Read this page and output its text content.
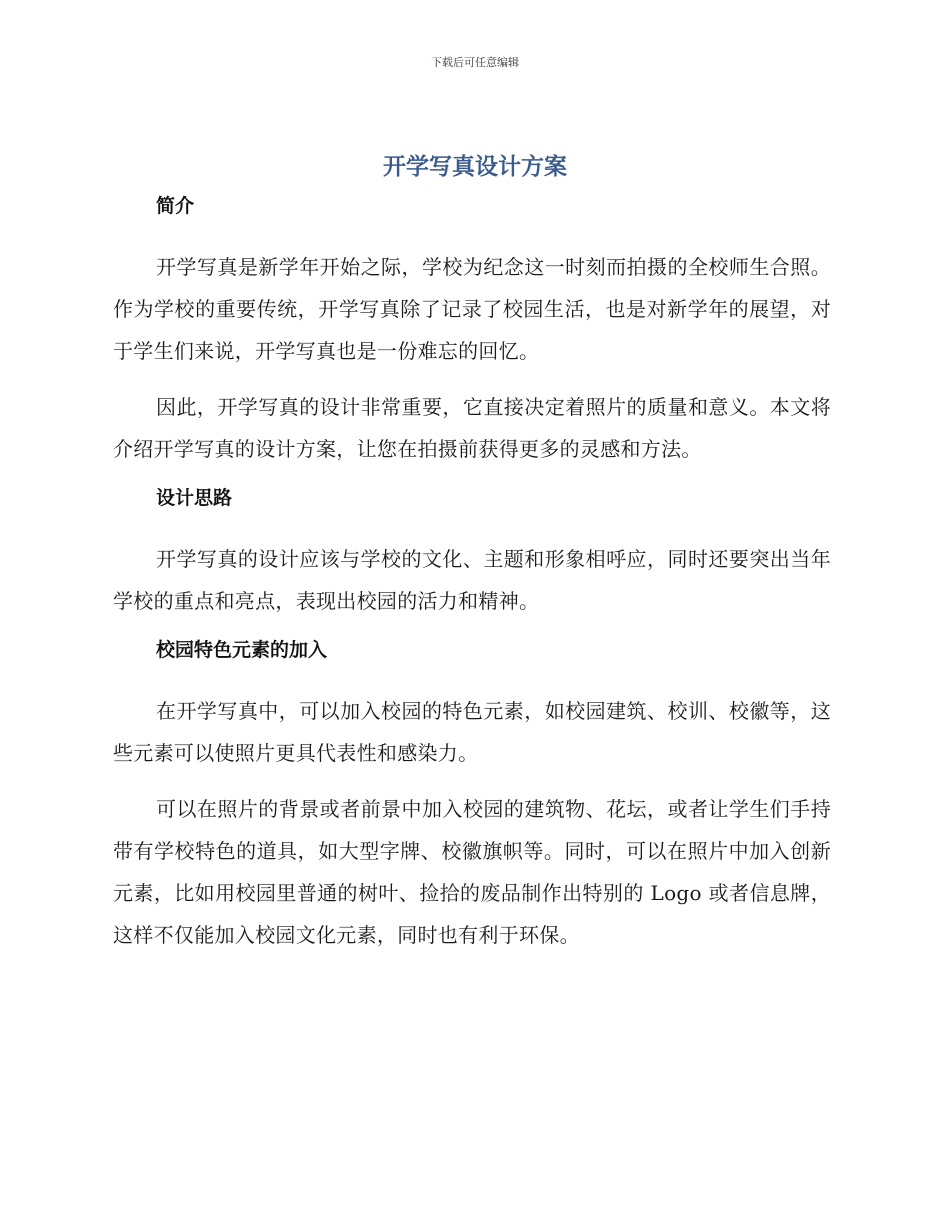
下载后可任意编辑
开学写真设计方案
简介

开学写真是新学年开始之际，学校为纪念这一时刻而拍摄的全校师生合照。作为学校的重要传统，开学写真除了记录了校园生活，也是对新学年的展望，对于学生们来说，开学写真也是一份难忘的回忆。

因此，开学写真的设计非常重要，它直接决定着照片的质量和意义。本文将介绍开学写真的设计方案，让您在拍摄前获得更多的灵感和方法。

设计思路

开学写真的设计应该与学校的文化、主题和形象相呼应，同时还要突出当年学校的重点和亮点，表现出校园的活力和精神。

校园特色元素的加入

在开学写真中，可以加入校园的特色元素，如校园建筑、校训、校徽等，这些元素可以使照片更具代表性和感染力。

可以在照片的背景或者前景中加入校园的建筑物、花坛，或者让学生们手持带有学校特色的道具，如大型字牌、校徽旗帜等。同时，可以在照片中加入创新元素，比如用校园里普通的树叶、捡拾的废品制作出特别的 Logo 或者信息牌，这样不仅能加入校园文化元素，同时也有利于环保。
